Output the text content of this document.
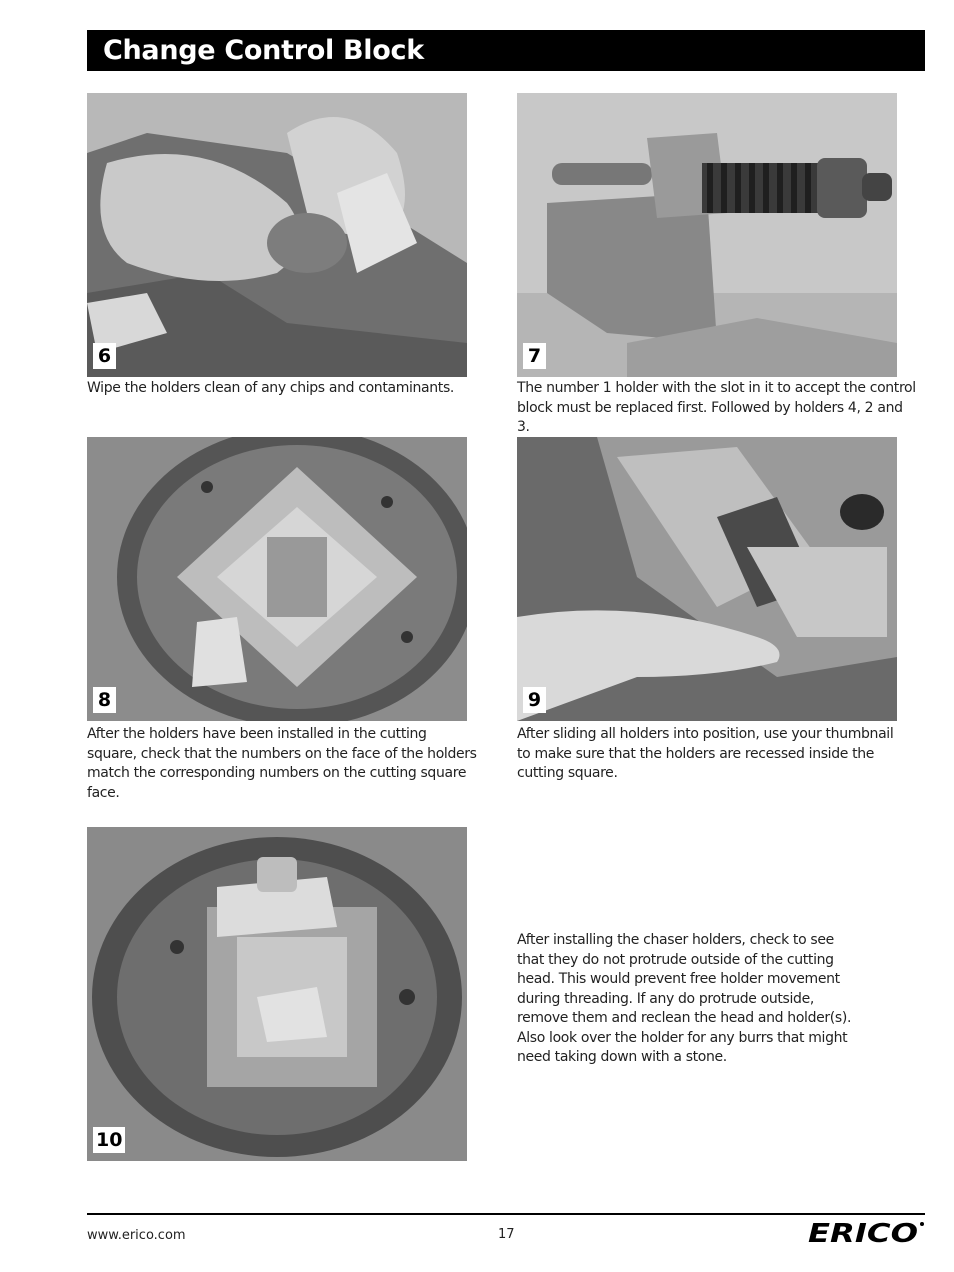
Change Control Block
6	7
Wipe the holders clean of any chips and contaminants.	The number 1 holder with the slot in it to accept the control block must be replaced first. Followed by holders 4, 2 and 3.
8	9
After the holders have been installed in the cutting square, check that the numbers on the face of the holders match the corresponding numbers on the cutting square face.
After sliding all holders into position, use your thumbnail to make sure that the holders are recessed inside the cutting square.
10
After installing the chaser holders, check to see that they do not protrude outside of the cutting head. This would prevent free holder movement during threading. If any do protrude outside, remove them and reclean the head and holder(s). Also look over the holder for any burrs that might need taking down with a stone.
www.erico.com	17	ERICO
